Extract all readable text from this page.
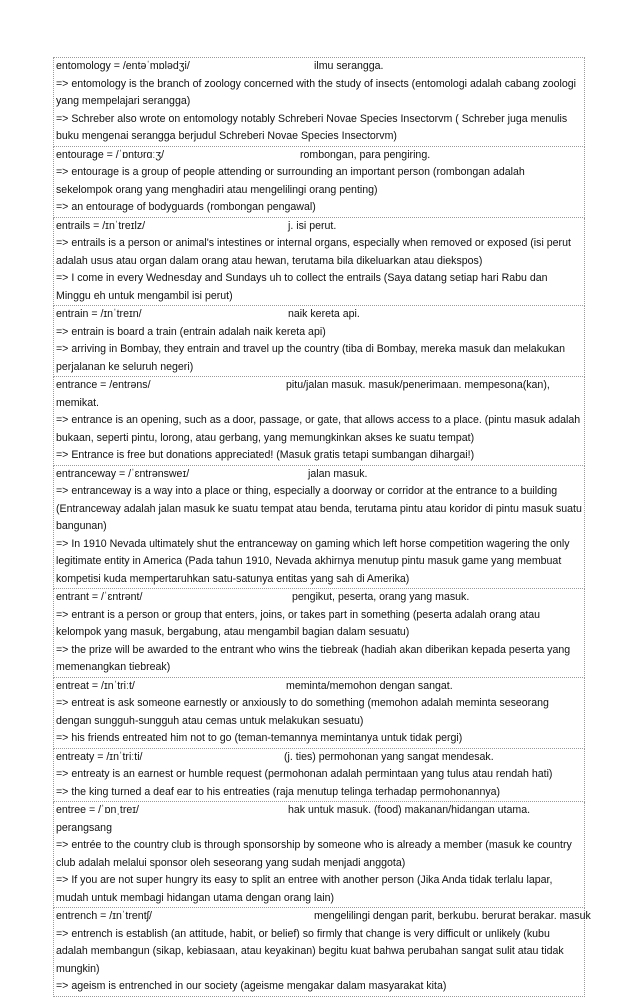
entomology = /entəˈmɒlədʒi/	ilmu serangga.
=> entomology is the branch of zoology concerned with the study of insects (entomologi adalah cabang zoologi yang mempelajari serangga)
=> Schreber also wrote on entomology notably Schreberi Novae Species Insectorvm ( Schreber juga menulis buku mengenai serangga berjudul Schreberi Novae Species Insectorvm)
entourage = /ˈɒntʊrɑːʒ/	rombongan, para pengiring.
=> entourage is a group of people attending or surrounding an important person (rombongan adalah sekelompok orang yang menghadiri atau mengelilingi orang penting)
=> an entourage of bodyguards (rombongan pengawal)
entrails = /ɪnˈtreɪlz/	j. isi perut.
=> entrails is a person or animal's intestines or internal organs, especially when removed or exposed (isi perut adalah usus atau organ dalam orang atau hewan, terutama bila dikeluarkan atau diekspos)
=> I come in every Wednesday and Sundays uh to collect the entrails (Saya datang setiap hari Rabu dan Minggu eh untuk mengambil isi perut)
entrain = /ɪnˈtreɪn/	naik kereta api.
=> entrain is board a train (entrain adalah naik kereta api)
=> arriving in Bombay, they entrain and travel up the country (tiba di Bombay, mereka masuk dan melakukan perjalanan ke seluruh negeri)
entrance = /entrəns/	pitu/jalan masuk. masuk/penerimaan. mempesona(kan), memikat.
=> entrance is an opening, such as a door, passage, or gate, that allows access to a place. (pintu masuk adalah bukaan, seperti pintu, lorong, atau gerbang, yang memungkinkan akses ke suatu tempat)
=> Entrance is free but donations appreciated! (Masuk gratis tetapi sumbangan dihargai!)
entranceway = /ˈɛntrənsweɪ/	jalan masuk.
=> entranceway is a way into a place or thing, especially a doorway or corridor at the entrance to a building (Entranceway adalah jalan masuk ke suatu tempat atau benda, terutama pintu atau koridor di pintu masuk suatu bangunan)
=> In 1910 Nevada ultimately shut the entranceway on gaming which left horse competition wagering the only legitimate entity in America (Pada tahun 1910, Nevada akhirnya menutup pintu masuk game yang membuat kompetisi kuda mempertaruhkan satu-satunya entitas yang sah di Amerika)
entrant = /ˈɛntrənt/	pengikut, peserta, orang yang masuk.
=> entrant is a person or group that enters, joins, or takes part in something (peserta adalah orang atau kelompok yang masuk, bergabung, atau mengambil bagian dalam sesuatu)
=> the prize will be awarded to the entrant who wins the tiebreak (hadiah akan diberikan kepada peserta yang memenangkan tiebreak)
entreat = /ɪnˈtriːt/	meminta/memohon dengan sangat.
=> entreat is ask someone earnestly or anxiously to do something (memohon adalah meminta seseorang dengan sungguh-sungguh atau cemas untuk melakukan sesuatu)
=> his friends entreated him not to go (teman-temannya memintanya untuk tidak pergi)
entreaty = /ɪnˈtriːti/	(j. ties) permohonan yang sangat mendesak.
=> entreaty is an earnest or humble request (permohonan adalah permintaan yang tulus atau rendah hati)
=> the king turned a deaf ear to his entreaties (raja menutup telinga terhadap permohonannya)
entree = /ˈɒnˌtreɪ/	hak untuk masuk. (food) makanan/hidangan utama. perangsang
=> entrée to the country club is through sponsorship by someone who is already a member (masuk ke country club adalah melalui sponsor oleh seseorang yang sudah menjadi anggota)
=> If you are not super hungry its easy to split an entree with another person (Jika Anda tidak terlalu lapar, mudah untuk membagi hidangan utama dengan orang lain)
entrench = /ɪnˈtrentʃ/	mengelilingi dengan parit, berkubu. berurat berakar. masuk
=> entrench is establish (an attitude, habit, or belief) so firmly that change is very difficult or unlikely (kubu adalah membangun (sikap, kebiasaan, atau keyakinan) begitu kuat bahwa perubahan sangat sulit atau tidak mungkin)
=> ageism is entrenched in our society (ageisme mengakar dalam masyarakat kita)
